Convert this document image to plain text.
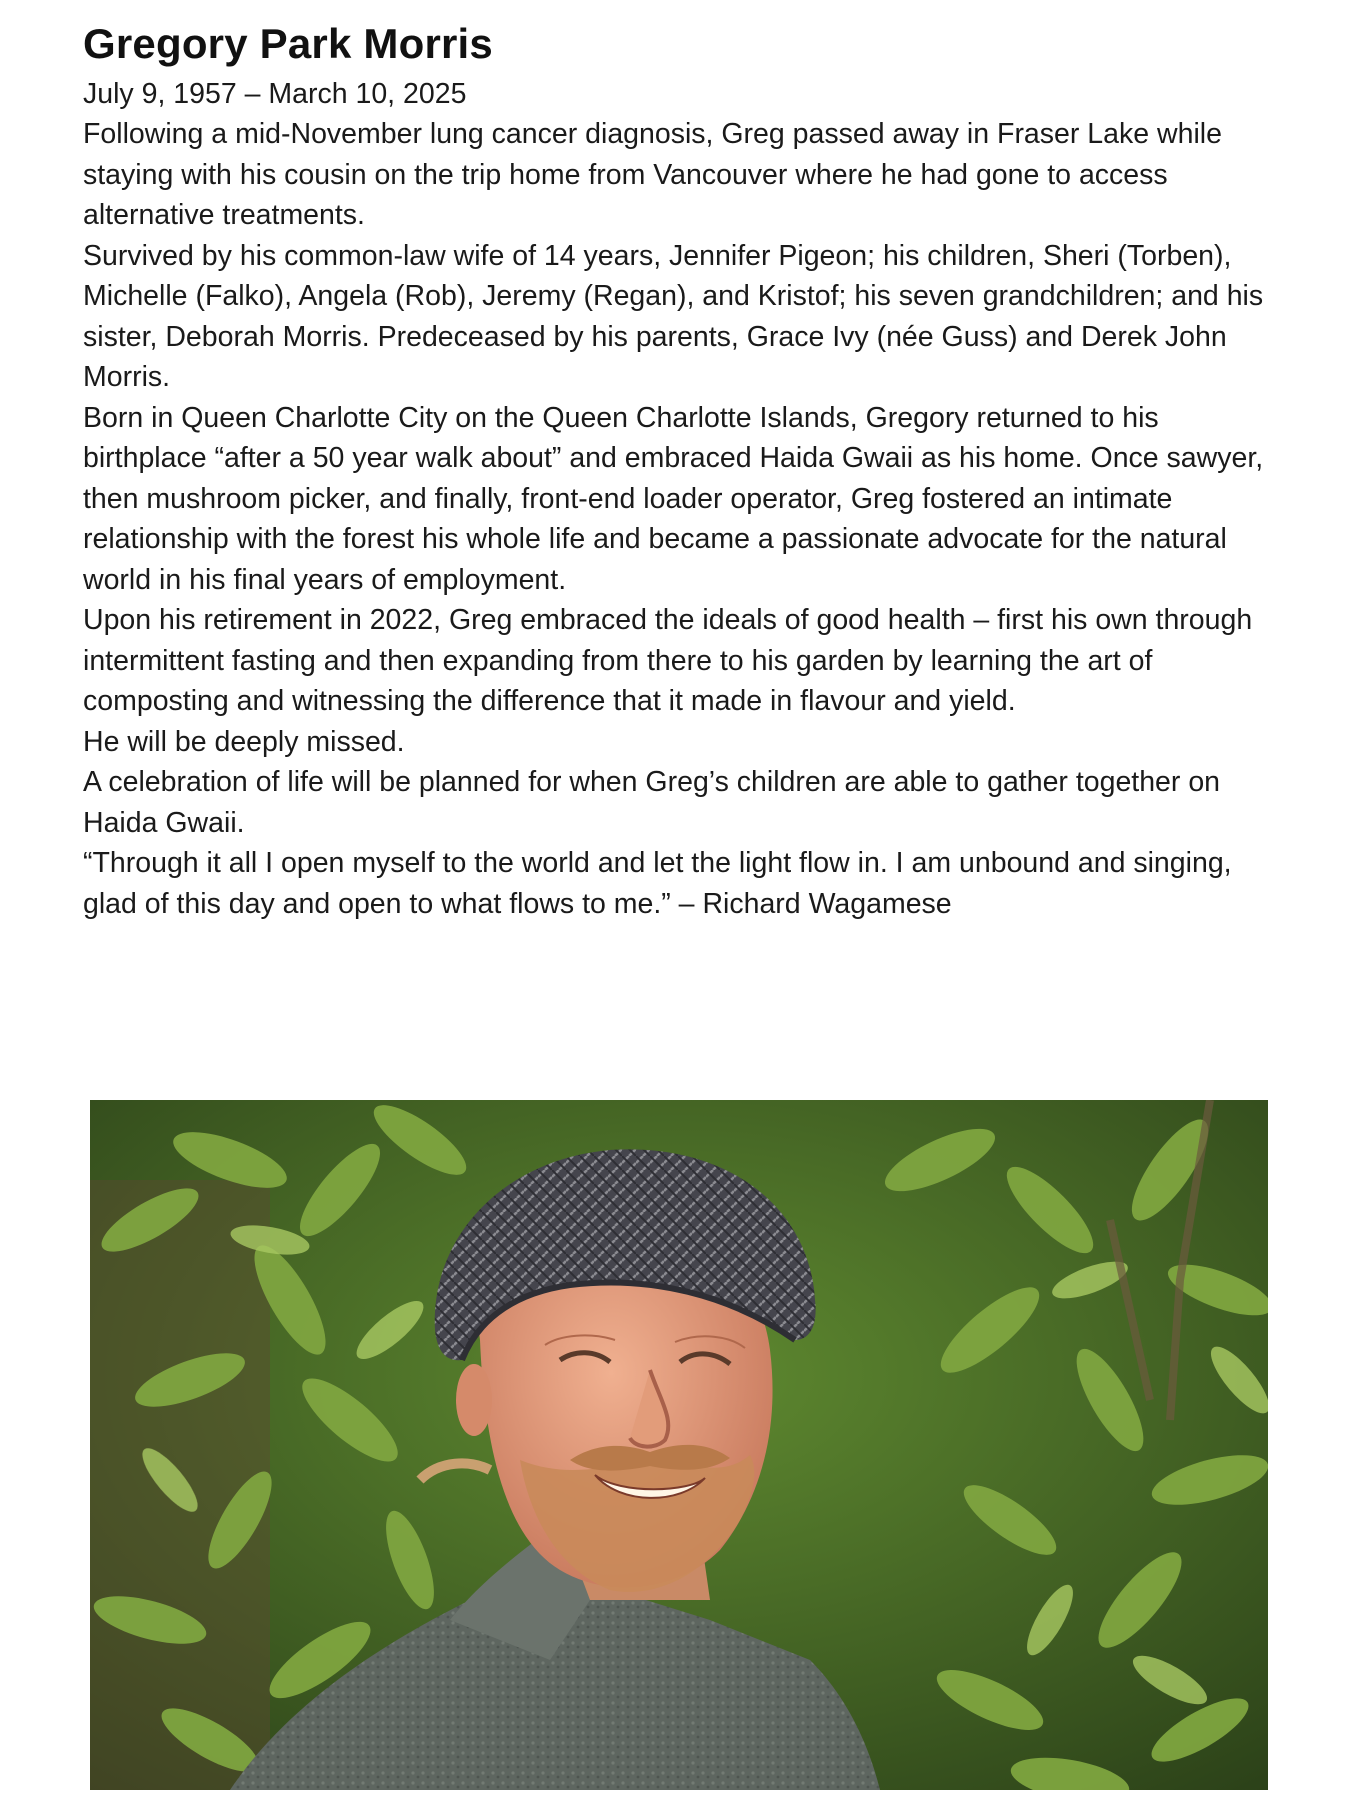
Gregory Park Morris
July 9, 1957 – March 10, 2025

Following a mid-November lung cancer diagnosis, Greg passed away in Fraser Lake while staying with his cousin on the trip home from Vancouver where he had gone to access alternative treatments.

Survived by his common-law wife of 14 years, Jennifer Pigeon; his children, Sheri (Torben), Michelle (Falko), Angela (Rob), Jeremy (Regan), and Kristof; his seven grandchildren; and his sister, Deborah Morris. Predeceased by his parents, Grace Ivy (née Guss) and Derek John Morris.

Born in Queen Charlotte City on the Queen Charlotte Islands, Gregory returned to his birthplace “after a 50 year walk about” and embraced Haida Gwaii as his home. Once sawyer, then mushroom picker, and finally, front-end loader operator, Greg fostered an intimate relationship with the forest his whole life and became a passionate advocate for the natural world in his final years of employment.

Upon his retirement in 2022, Greg embraced the ideals of good health – first his own through intermittent fasting and then expanding from there to his garden by learning the art of composting and witnessing the difference that it made in flavour and yield.

He will be deeply missed.

A celebration of life will be planned for when Greg’s children are able to gather together on Haida Gwaii.

“Through it all I open myself to the world and let the light flow in. I am unbound and singing, glad of this day and open to what flows to me.” – Richard Wagamese
